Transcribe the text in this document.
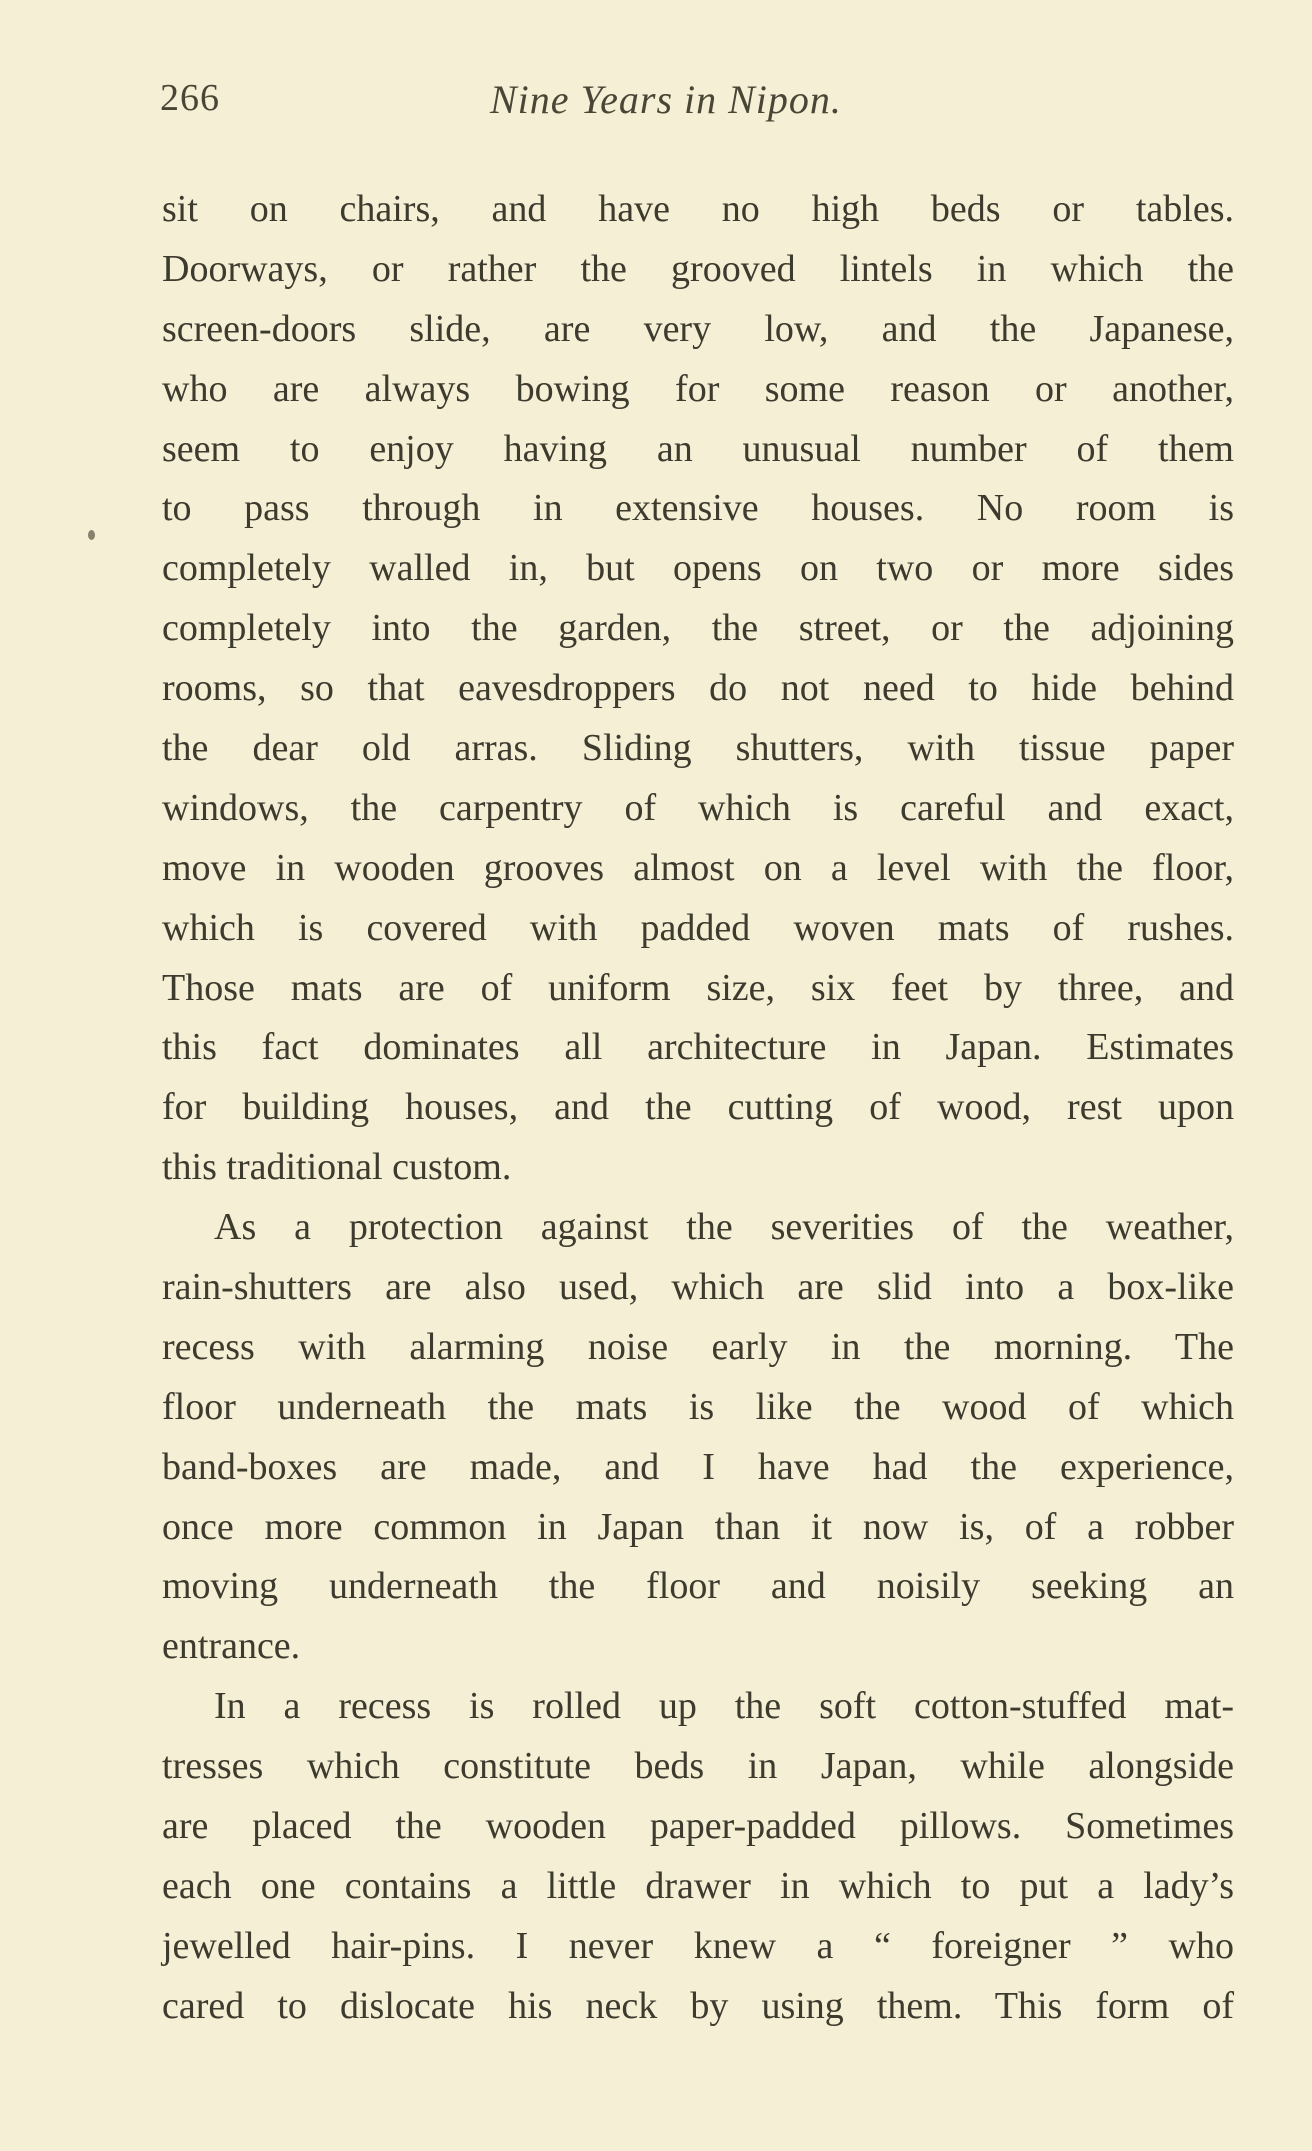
266	Nine Years in Nipon.
sit on chairs, and have no high beds or tables.
Doorways, or rather the grooved lintels in which the
screen-doors slide, are very low, and the Japanese,
who are always bowing for some reason or another,
seem to enjoy having an unusual number of them
to pass through in extensive houses. No room is
completely walled in, but opens on two or more sides
completely into the garden, the street, or the adjoining
rooms, so that eavesdroppers do not need to hide behind
the dear old arras. Sliding shutters, with tissue paper
windows, the carpentry of which is careful and exact,
move in wooden grooves almost on a level with the floor,
which is covered with padded woven mats of rushes.
Those mats are of uniform size, six feet by three, and
this fact dominates all architecture in Japan. Estimates
for building houses, and the cutting of wood, rest upon
this traditional custom.
As a protection against the severities of the weather,
rain-shutters are also used, which are slid into a box-like
recess with alarming noise early in the morning. The
floor underneath the mats is like the wood of which
band-boxes are made, and I have had the experience,
once more common in Japan than it now is, of a robber
moving underneath the floor and noisily seeking an
entrance.
In a recess is rolled up the soft cotton-stuffed mat-
tresses which constitute beds in Japan, while alongside
are placed the wooden paper-padded pillows. Sometimes
each one contains a little drawer in which to put a lady’s
jewelled hair-pins. I never knew a “ foreigner ” who
cared to dislocate his neck by using them. This form of
